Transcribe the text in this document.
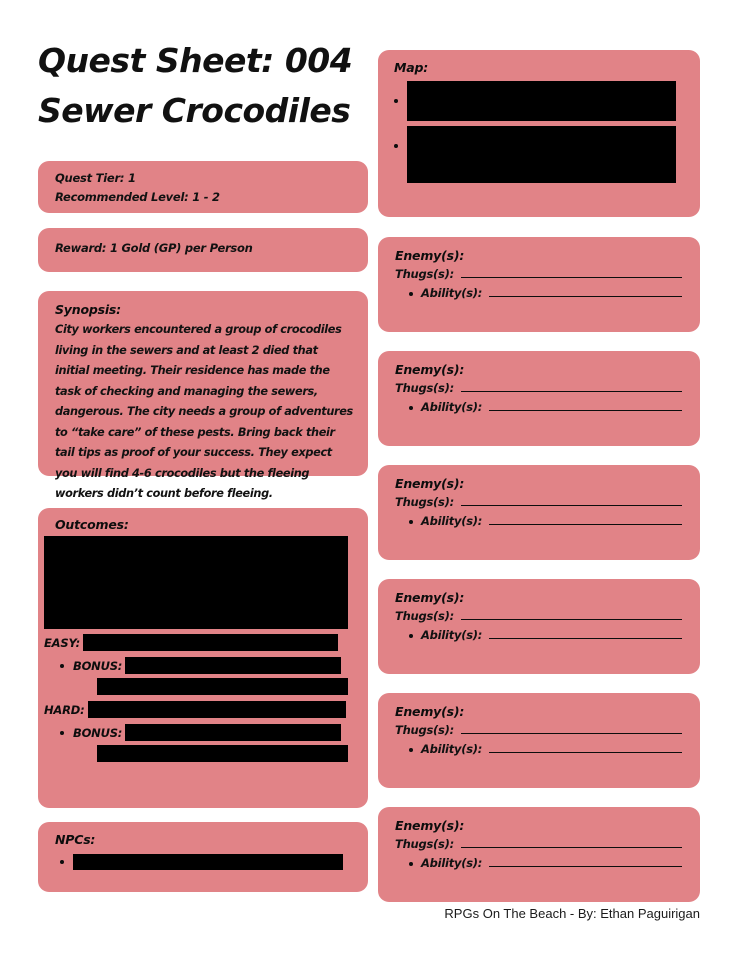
Quest Sheet: 004
Sewer Crocodiles
Quest Tier: 1
Recommended Level: 1 - 2
Reward: 1 Gold (GP) per Person
Synopsis:
City workers encountered a group of crocodiles living in the sewers and at least 2 died that initial meeting. Their residence has made the task of checking and managing the sewers, dangerous. The city needs a group of adventures to “take care” of these pests. Bring back their tail tips as proof of your success. They expect you will find 4-6 crocodiles but the fleeing workers didn’t count before fleeing.
Outcomes:
EASY:
BONUS:
HARD:
BONUS:
NPCs:
Map:
Enemy(s):
Thugs(s):
Ability(s):
Enemy(s):
Thugs(s):
Ability(s):
Enemy(s):
Thugs(s):
Ability(s):
Enemy(s):
Thugs(s):
Ability(s):
Enemy(s):
Thugs(s):
Ability(s):
Enemy(s):
Thugs(s):
Ability(s):
RPGs On The Beach - By: Ethan Paguirigan
